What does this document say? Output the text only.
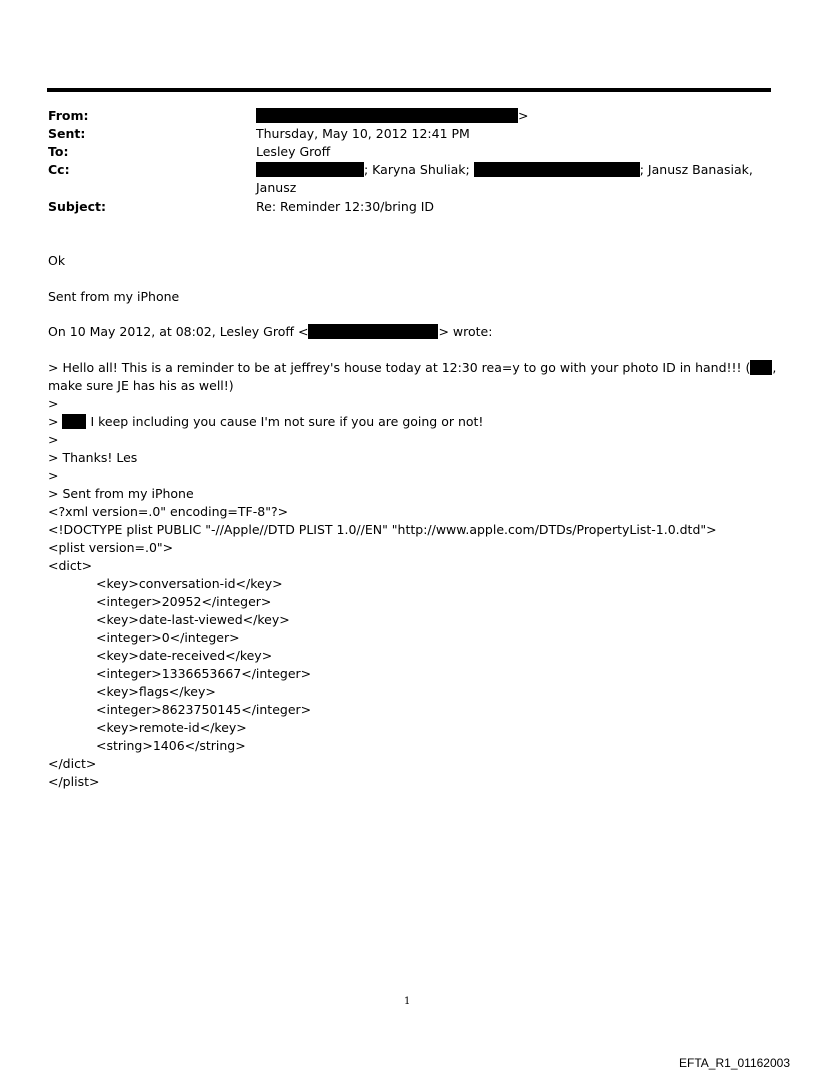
From:	>
Sent:	Thursday, May 10, 2012 12:41 PM
To:	Lesley Groff
Cc:	; Karyna Shuliak;	; Janusz Banasiak,
Janusz
Subject:	Re: Reminder 12:30/bring ID
Ok
Sent from my iPhone
On 10 May 2012, at 08:02, Lesley Groff <	> wrote:
> Hello all! This is a reminder to be at jeffrey's house today at 12:30 rea=y to go with your photo ID in hand!!! ( ,
make sure JE has his as well!)
>
>  I keep including you cause I'm not sure if you are going or not!
>
> Thanks! Les
>
> Sent from my iPhone
<?xml version=.0" encoding=TF-8"?>
<!DOCTYPE plist PUBLIC "-//Apple//DTD PLIST 1.0//EN" "http://www.apple.com/DTDs/PropertyList-1.0.dtd">
<plist version=.0">
<dict>
<key>conversation-id</key>
<integer>20952</integer>
<key>date-last-viewed</key>
<integer>0</integer>
<key>date-received</key>
<integer>1336653667</integer>
<key>flags</key>
<integer>8623750145</integer>
<key>remote-id</key>
<string>1406</string>
</dict>
</plist>
1
EFTA_R1_01162003
